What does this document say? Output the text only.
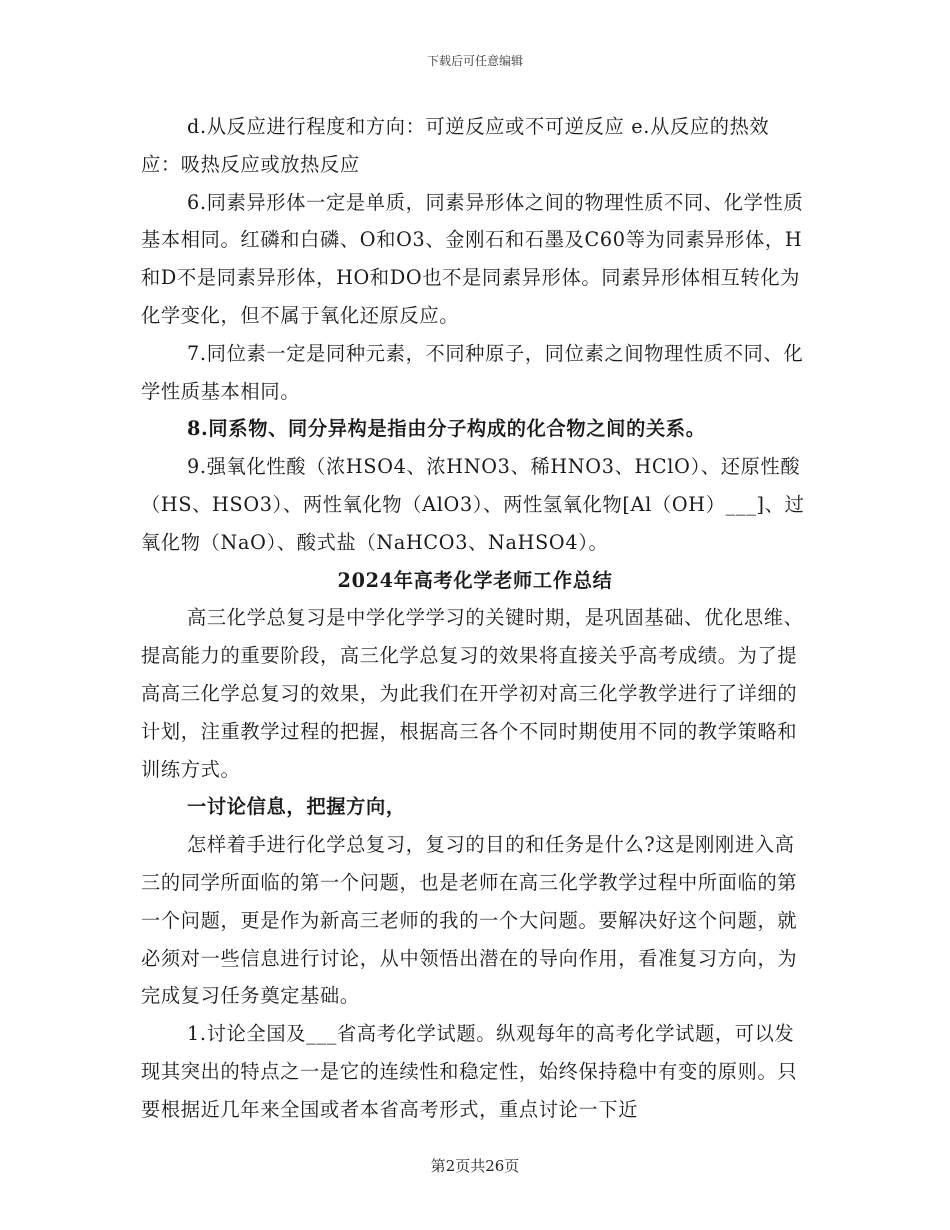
下载后可任意编辑

d.从反应进行程度和方向：可逆反应或不可逆反应 e.从反应的热效应：吸热反应或放热反应

6.同素异形体一定是单质，同素异形体之间的物理性质不同、化学性质基本相同。红磷和白磷、O和O3、金刚石和石墨及C60等为同素异形体，H和D不是同素异形体，HO和DO也不是同素异形体。同素异形体相互转化为化学变化，但不属于氧化还原反应。

7.同位素一定是同种元素，不同种原子，同位素之间物理性质不同、化学性质基本相同。

8.同系物、同分异构是指由分子构成的化合物之间的关系。

9.强氧化性酸（浓HSO4、浓HNO3、稀HNO3、HClO）、还原性酸（HS、HSO3）、两性氧化物（AlO3）、两性氢氧化物[Al（OH）___]、过氧化物（NaO）、酸式盐（NaHCO3、NaHSO4）。

2024年高考化学老师工作总结

高三化学总复习是中学化学学习的关键时期，是巩固基础、优化思维、提高能力的重要阶段，高三化学总复习的效果将直接关乎高考成绩。为了提高高三化学总复习的效果，为此我们在开学初对高三化学教学进行了详细的计划，注重教学过程的把握，根据高三各个不同时期使用不同的教学策略和训练方式。

一讨论信息，把握方向，

怎样着手进行化学总复习，复习的目的和任务是什么?这是刚刚进入高三的同学所面临的第一个问题，也是老师在高三化学教学过程中所面临的第一个问题，更是作为新高三老师的我的一个大问题。要解决好这个问题，就必须对一些信息进行讨论，从中领悟出潜在的导向作用，看准复习方向，为完成复习任务奠定基础。

1.讨论全国及___省高考化学试题。纵观每年的高考化学试题，可以发现其突出的特点之一是它的连续性和稳定性，始终保持稳中有变的原则。只要根据近几年来全国或者本省高考形式，重点讨论一下近

第2页共26页
